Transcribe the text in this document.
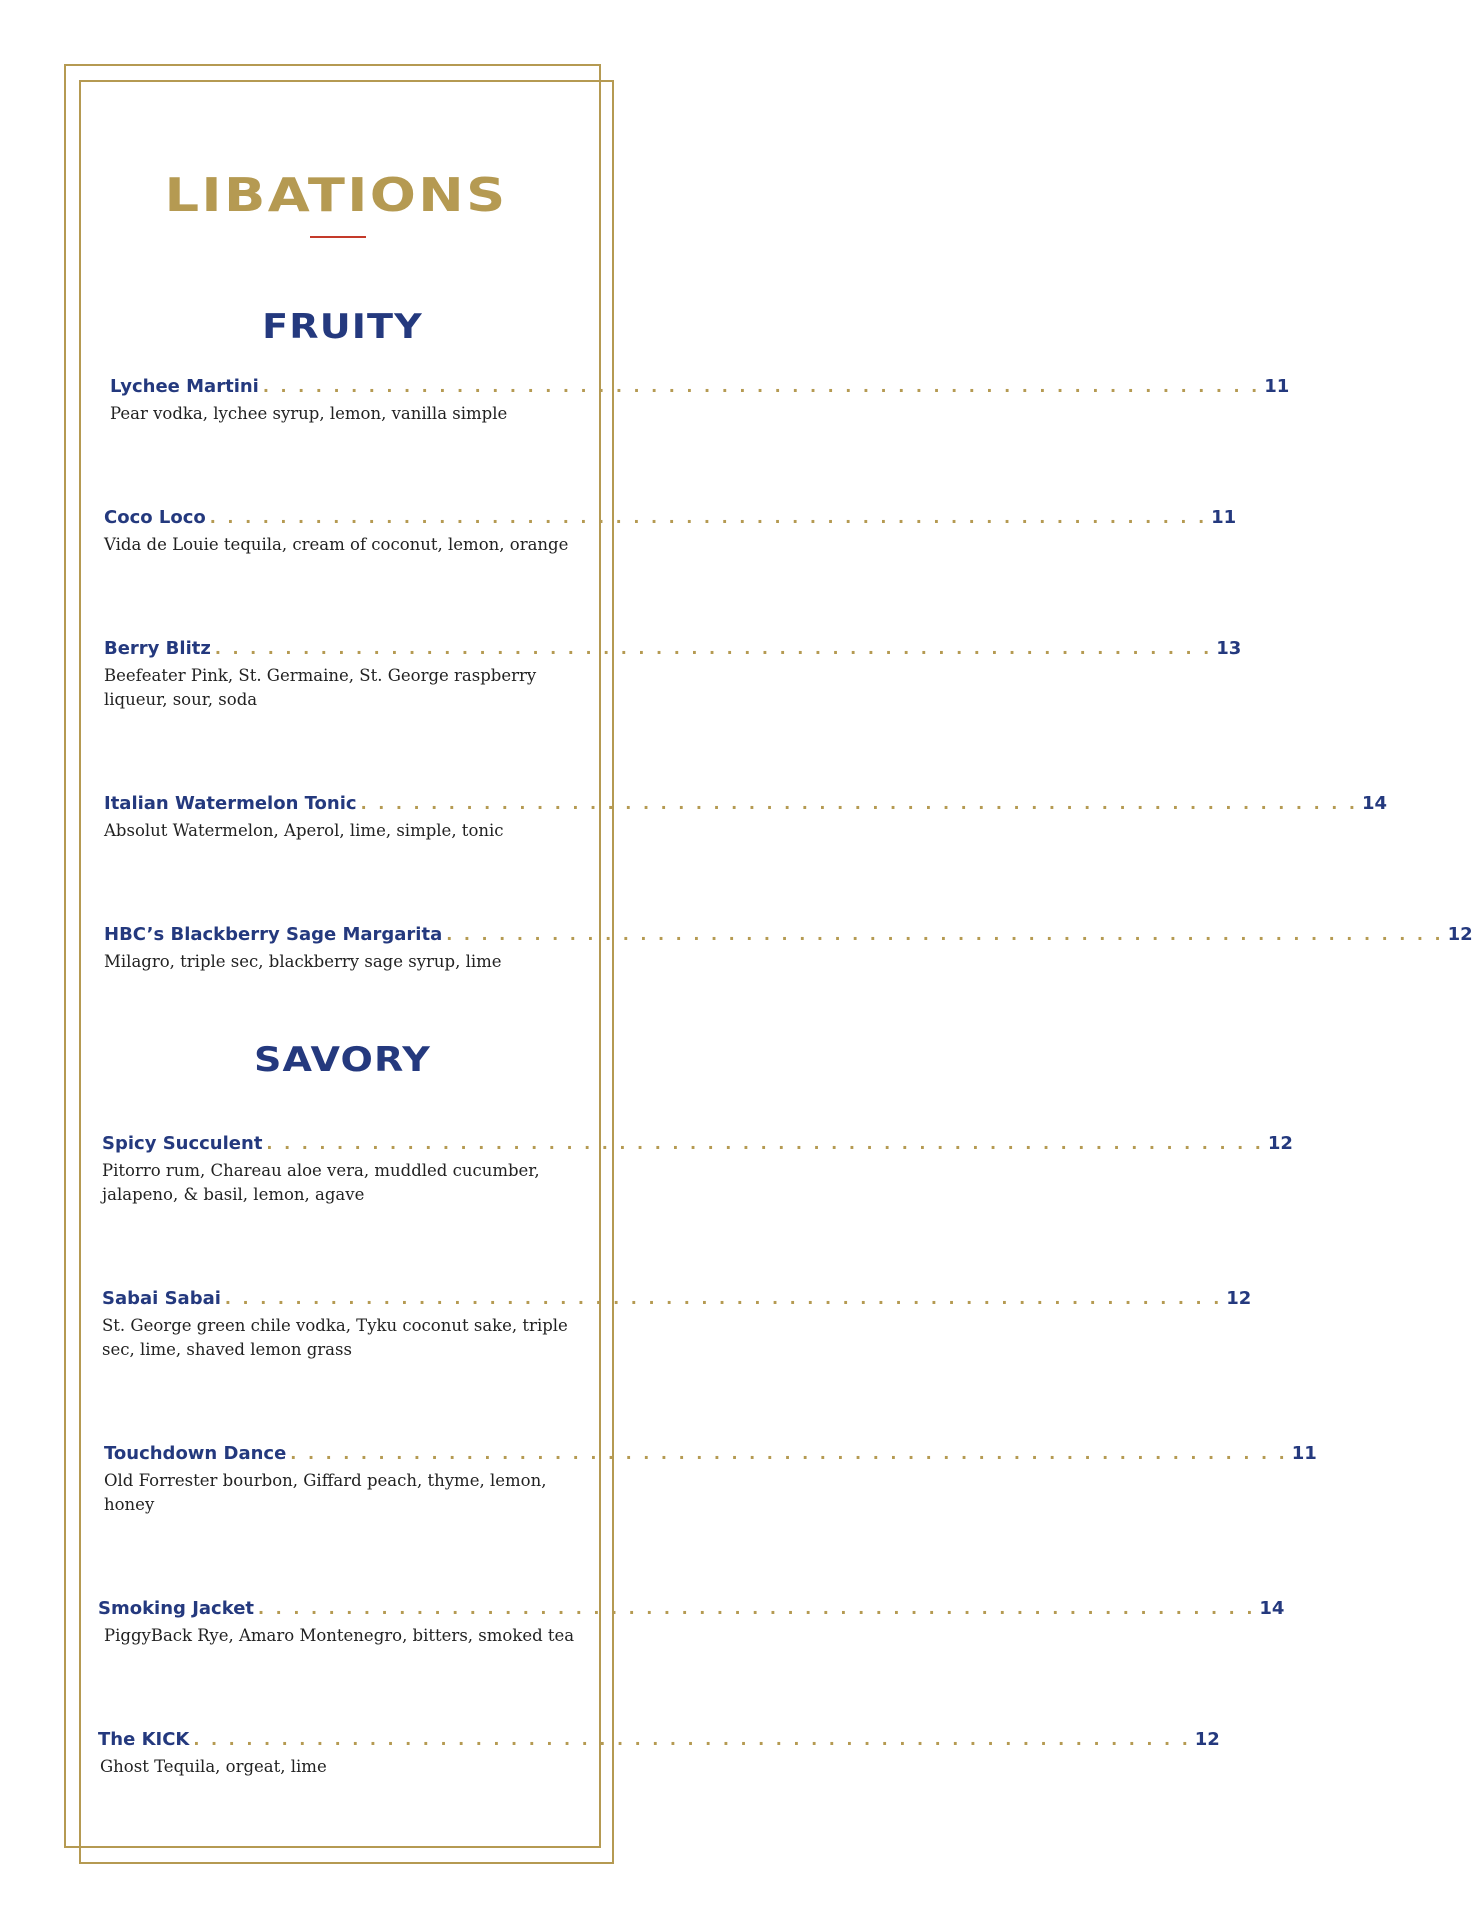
LIBATIONS
FRUITY
Lychee Martini . . . . . . . . . . . . . . . . . . . . . . . . . . . . . . . . . . . . . . . . . . . . . . . . . . . . . . . . . 11
Pear vodka, lychee syrup, lemon, vanilla simple
Coco Loco . . . . . . . . . . . . . . . . . . . . . . . . . . . . . . . . . . . . . . . . . . . . . . . . . . . . . . . . . 11
Vida de Louie tequila, cream of coconut, lemon, orange
Berry Blitz . . . . . . . . . . . . . . . . . . . . . . . . . . . . . . . . . . . . . . . . . . . . . . . . . . . . . . . . . 13
Beefeater Pink, St. Germaine, St. George raspberry liqueur, sour, soda
Italian Watermelon Tonic . . . . . . . . . . . . . . . . . . . . . . . . . . . . . . . . . . . . . . . . . . . . . . . . . . . . . . . . . 14
Absolut Watermelon, Aperol, lime, simple, tonic
HBC’s Blackberry Sage Margarita . . . . . . . . . . . . . . . . . . . . . . . . . . . . . . . . . . . . . . . . . . . . . . . . . . . . . . . . . 12
Milagro, triple sec, blackberry sage syrup, lime
SAVORY
Spicy Succulent . . . . . . . . . . . . . . . . . . . . . . . . . . . . . . . . . . . . . . . . . . . . . . . . . . . . . . . . . 12
Pitorro rum, Chareau aloe vera, muddled cucumber, jalapeno, & basil, lemon, agave
Sabai Sabai . . . . . . . . . . . . . . . . . . . . . . . . . . . . . . . . . . . . . . . . . . . . . . . . . . . . . . . . . 12
St. George green chile vodka, Tyku coconut sake, triple sec, lime, shaved lemon grass
Touchdown Dance . . . . . . . . . . . . . . . . . . . . . . . . . . . . . . . . . . . . . . . . . . . . . . . . . . . . . . . . . 11
Old Forrester bourbon, Giffard peach, thyme, lemon, honey
Smoking Jacket . . . . . . . . . . . . . . . . . . . . . . . . . . . . . . . . . . . . . . . . . . . . . . . . . . . . . . . . . 14
PiggyBack Rye, Amaro Montenegro, bitters, smoked tea
The KICK . . . . . . . . . . . . . . . . . . . . . . . . . . . . . . . . . . . . . . . . . . . . . . . . . . . . . . . . . 12
Ghost Tequila, orgeat, lime
